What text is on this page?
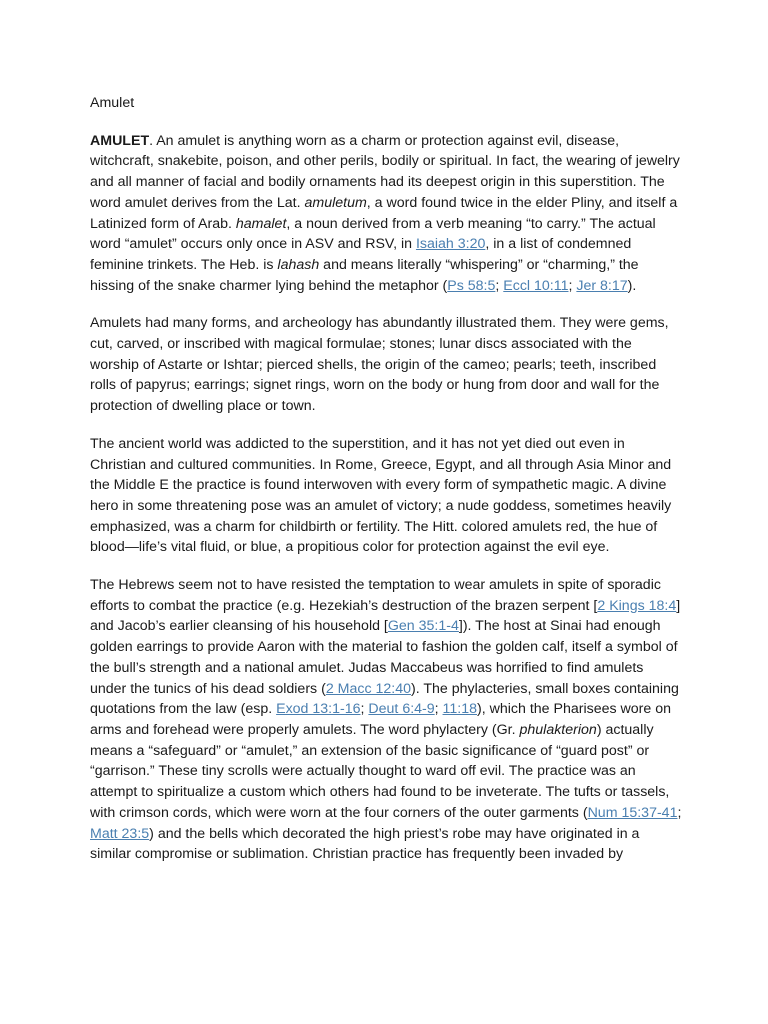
Amulet

AMULET. An amulet is anything worn as a charm or protection against evil, disease, witchcraft, snakebite, poison, and other perils, bodily or spiritual. In fact, the wearing of jewelry and all manner of facial and bodily ornaments had its deepest origin in this superstition. The word amulet derives from the Lat. amuletum, a word found twice in the elder Pliny, and itself a Latinized form of Arab. hamalet, a noun derived from a verb meaning “to carry.” The actual word “amulet” occurs only once in ASV and RSV, in Isaiah 3:20, in a list of condemned feminine trinkets. The Heb. is lahash and means literally “whispering” or “charming,” the hissing of the snake charmer lying behind the metaphor (Ps 58:5; Eccl 10:11; Jer 8:17).

Amulets had many forms, and archeology has abundantly illustrated them. They were gems, cut, carved, or inscribed with magical formulae; stones; lunar discs associated with the worship of Astarte or Ishtar; pierced shells, the origin of the cameo; pearls; teeth, inscribed rolls of papyrus; earrings; signet rings, worn on the body or hung from door and wall for the protection of dwelling place or town.

The ancient world was addicted to the superstition, and it has not yet died out even in Christian and cultured communities. In Rome, Greece, Egypt, and all through Asia Minor and the Middle E the practice is found interwoven with every form of sympathetic magic. A divine hero in some threatening pose was an amulet of victory; a nude goddess, sometimes heavily emphasized, was a charm for childbirth or fertility. The Hitt. colored amulets red, the hue of blood—life’s vital fluid, or blue, a propitious color for protection against the evil eye.

The Hebrews seem not to have resisted the temptation to wear amulets in spite of sporadic efforts to combat the practice (e.g. Hezekiah’s destruction of the brazen serpent [2 Kings 18:4] and Jacob’s earlier cleansing of his household [Gen 35:1-4]). The host at Sinai had enough golden earrings to provide Aaron with the material to fashion the golden calf, itself a symbol of the bull’s strength and a national amulet. Judas Maccabeus was horrified to find amulets under the tunics of his dead soldiers (2 Macc 12:40). The phylacteries, small boxes containing quotations from the law (esp. Exod 13:1-16; Deut 6:4-9; 11:18), which the Pharisees wore on arms and forehead were properly amulets. The word phylactery (Gr. phulakterion) actually means a “safeguard” or “amulet,” an extension of the basic significance of “guard post” or “garrison.” These tiny scrolls were actually thought to ward off evil. The practice was an attempt to spiritualize a custom which others had found to be inveterate. The tufts or tassels, with crimson cords, which were worn at the four corners of the outer garments (Num 15:37-41; Matt 23:5) and the bells which decorated the high priest’s robe may have originated in a similar compromise or sublimation. Christian practice has frequently been invaded by
